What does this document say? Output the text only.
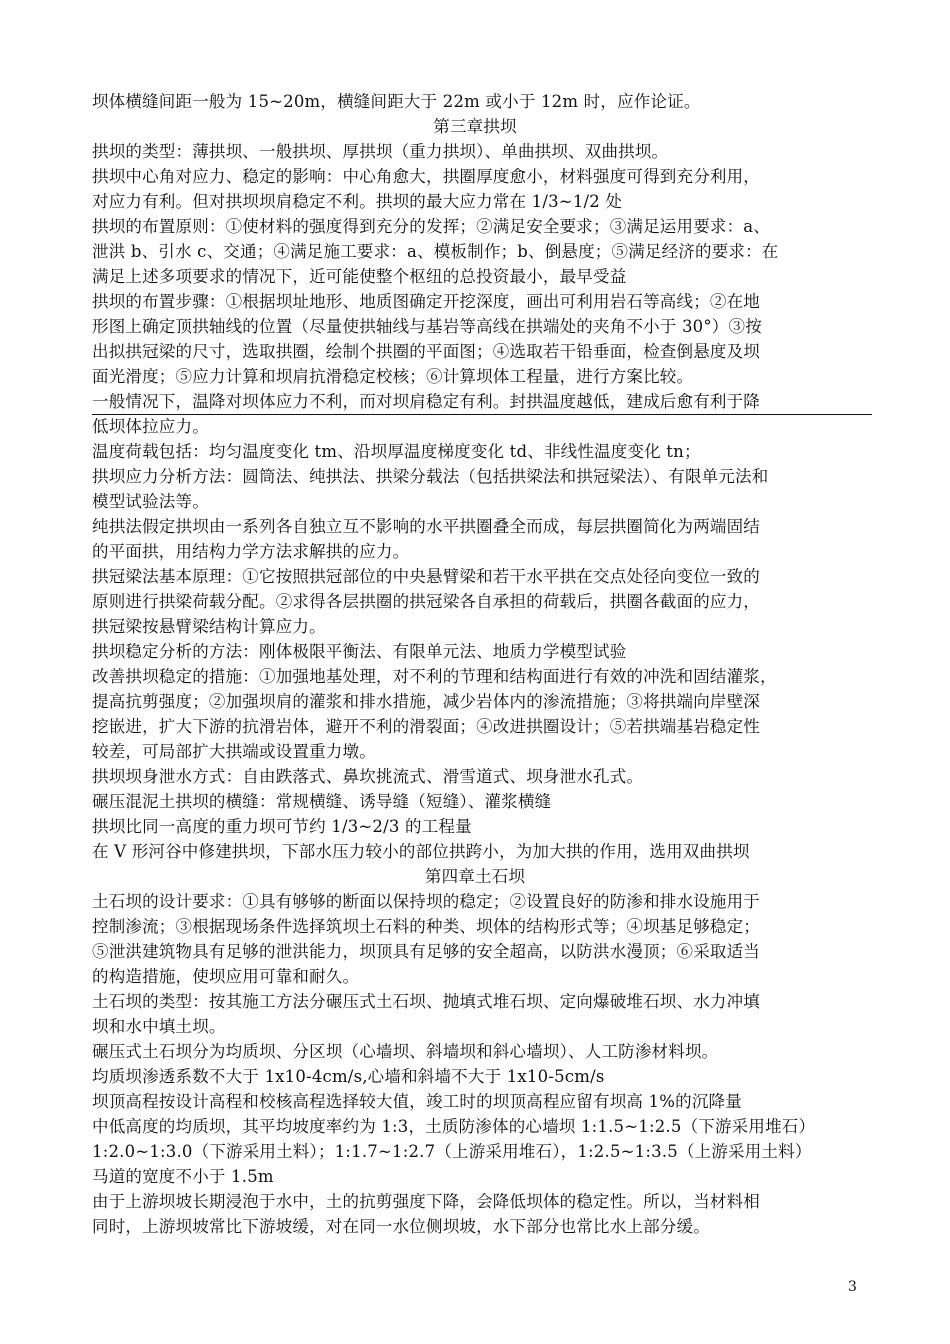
坝体横缝间距一般为 15~20m，横缝间距大于 22m 或小于 12m 时，应作论证。
第三章拱坝
拱坝的类型：薄拱坝、一般拱坝、厚拱坝（重力拱坝）、单曲拱坝、双曲拱坝。
拱坝中心角对应力、稳定的影响：中心角愈大，拱圈厚度愈小，材料强度可得到充分利用，
对应力有利。但对拱坝坝肩稳定不利。拱坝的最大应力常在 1/3~1/2 处
拱坝的布置原则：①使材料的强度得到充分的发挥；②满足安全要求；③满足运用要求：a、
泄洪 b、引水 c、交通；④满足施工要求：a、模板制作；b、倒悬度；⑤满足经济的要求：在
满足上述多项要求的情况下，近可能使整个枢纽的总投资最小，最早受益
拱坝的布置步骤：①根据坝址地形、地质图确定开挖深度，画出可利用岩石等高线；②在地
形图上确定顶拱轴线的位置（尽量使拱轴线与基岩等高线在拱端处的夹角不小于 30°）③按
出拟拱冠梁的尺寸，选取拱圈，绘制个拱圈的平面图；④选取若干铅垂面，检查倒悬度及坝
面光滑度；⑤应力计算和坝肩抗滑稳定校核；⑥计算坝体工程量，进行方案比较。
一般情况下，温降对坝体应力不利，而对坝肩稳定有利。封拱温度越低，建成后愈有利于降
低坝体拉应力。
温度荷载包括：均匀温度变化 tm、沿坝厚温度梯度变化 td、非线性温度变化 tn；
拱坝应力分析方法：圆筒法、纯拱法、拱梁分载法（包括拱梁法和拱冠梁法）、有限单元法和
模型试验法等。
纯拱法假定拱坝由一系列各自独立互不影响的水平拱圈叠全而成，每层拱圈简化为两端固结
的平面拱，用结构力学方法求解拱的应力。
拱冠梁法基本原理：①它按照拱冠部位的中央悬臂梁和若干水平拱在交点处径向变位一致的
原则进行拱梁荷载分配。②求得各层拱圈的拱冠梁各自承担的荷载后，拱圈各截面的应力，
拱冠梁按悬臂梁结构计算应力。
拱坝稳定分析的方法：刚体极限平衡法、有限单元法、地质力学模型试验
改善拱坝稳定的措施：①加强地基处理，对不利的节理和结构面进行有效的冲洗和固结灌浆，
提高抗剪强度；②加强坝肩的灌浆和排水措施，减少岩体内的渗流措施；③将拱端向岸壁深
挖嵌进，扩大下游的抗滑岩体，避开不利的滑裂面；④改进拱圈设计；⑤若拱端基岩稳定性
较差，可局部扩大拱端或设置重力墩。
拱坝坝身泄水方式：自由跌落式、鼻坎挑流式、滑雪道式、坝身泄水孔式。
碾压混泥土拱坝的横缝：常规横缝、诱导缝（短缝）、灌浆横缝
拱坝比同一高度的重力坝可节约 1/3~2/3 的工程量
在 V 形河谷中修建拱坝，下部水压力较小的部位拱跨小，为加大拱的作用，选用双曲拱坝
第四章土石坝
土石坝的设计要求：①具有够够的断面以保持坝的稳定；②设置良好的防渗和排水设施用于
控制渗流；③根据现场条件选择筑坝土石料的种类、坝体的结构形式等；④坝基足够稳定；
⑤泄洪建筑物具有足够的泄洪能力，坝顶具有足够的安全超高，以防洪水漫顶；⑥采取适当
的构造措施，使坝应用可靠和耐久。
土石坝的类型：按其施工方法分碾压式土石坝、抛填式堆石坝、定向爆破堆石坝、水力冲填
坝和水中填土坝。
碾压式土石坝分为均质坝、分区坝（心墙坝、斜墙坝和斜心墙坝）、人工防渗材料坝。
均质坝渗透系数不大于 1x10-4cm/s,心墙和斜墙不大于 1x10-5cm/s
坝顶高程按设计高程和校核高程选择较大值，竣工时的坝顶高程应留有坝高 1%的沉降量
中低高度的均质坝，其平均坡度率约为 1:3，土质防渗体的心墙坝 1:1.5~1:2.5（下游采用堆石）
1:2.0~1:3.0（下游采用土料）；1:1.7~1:2.7（上游采用堆石），1:2.5~1:3.5（上游采用土料）
马道的宽度不小于 1.5m
由于上游坝坡长期浸泡于水中，土的抗剪强度下降，会降低坝体的稳定性。所以，当材料相
同时，上游坝坡常比下游坡缓，对在同一水位侧坝坡，水下部分也常比水上部分缓。
3
